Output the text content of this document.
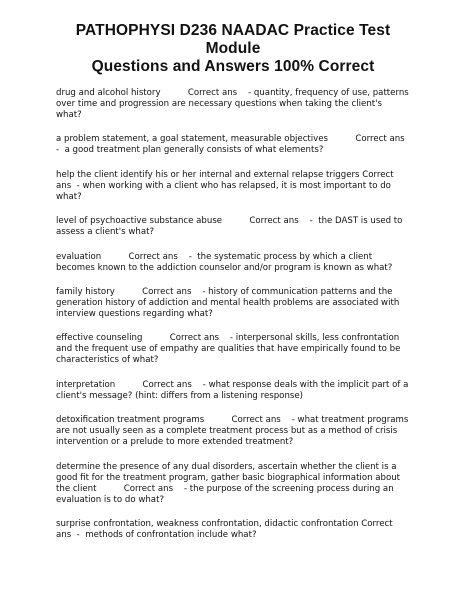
PATHOPHYSI D236 NAADAC Practice Test Module
Questions and Answers 100% Correct

drug and alcohol history          Correct ans    - quantity, frequency of use, patterns over time and progression are necessary questions when taking the client's what?

a problem statement, a goal statement, measurable objectives          Correct ans    -  a good treatment plan generally consists of what elements?

help the client identify his or her internal and external relapse triggers Correct ans  - when working with a client who has relapsed, it is most important to do what?

level of psychoactive substance abuse          Correct ans    -  the DAST is used to assess a client's what?

evaluation          Correct ans    -  the systematic process by which a client becomes known to the addiction counselor and/or program is known as what?

family history          Correct ans    - history of communication patterns and the generation history of addiction and mental health problems are associated with interview questions regarding what?

effective counseling          Correct ans    - interpersonal skills, less confrontation and the frequent use of empathy are qualities that have empirically found to be characteristics of what?

interpretation          Correct ans    - what response deals with the implicit part of a client's message? (hint: differs from a listening response)

detoxification treatment programs          Correct ans    - what treatment programs are not usually seen as a complete treatment process but as a method of crisis intervention or a prelude to more extended treatment?

determine the presence of any dual disorders, ascertain whether the client is a good fit for the treatment program, gather basic biographical information about the client          Correct ans    - the purpose of the screening process during an evaluation is to do what?

surprise confrontation, weakness confrontation, didactic confrontation Correct ans  -  methods of confrontation include what?
